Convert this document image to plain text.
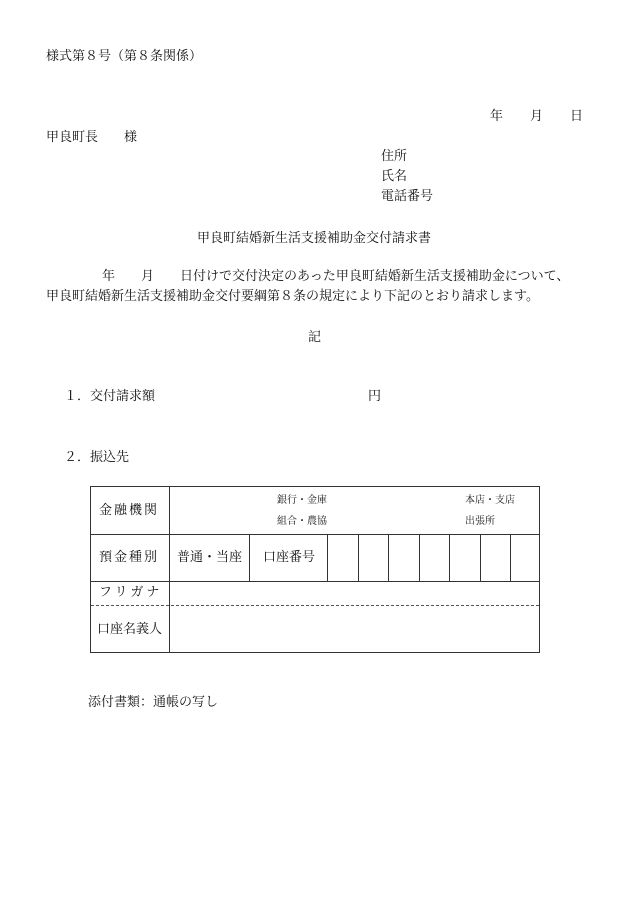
様式第８号（第８条関係）
年 月 日
甲良町長　　様
住所
氏名
電話番号
甲良町結婚新生活支援補助金交付請求書
年　　月　　日付けで交付決定のあった甲良町結婚新生活支援補助金について、
甲良町結婚新生活支援補助金交付要綱第８条の規定により下記のとおり請求します。
記
１．交付請求額	円
２．振込先
金融機関
銀行・金庫
組合・農協
本店・支店
出張所
預金種別 普通・当座 口座番号
フリガナ
口座名義人
添付書類：通帳の写し
